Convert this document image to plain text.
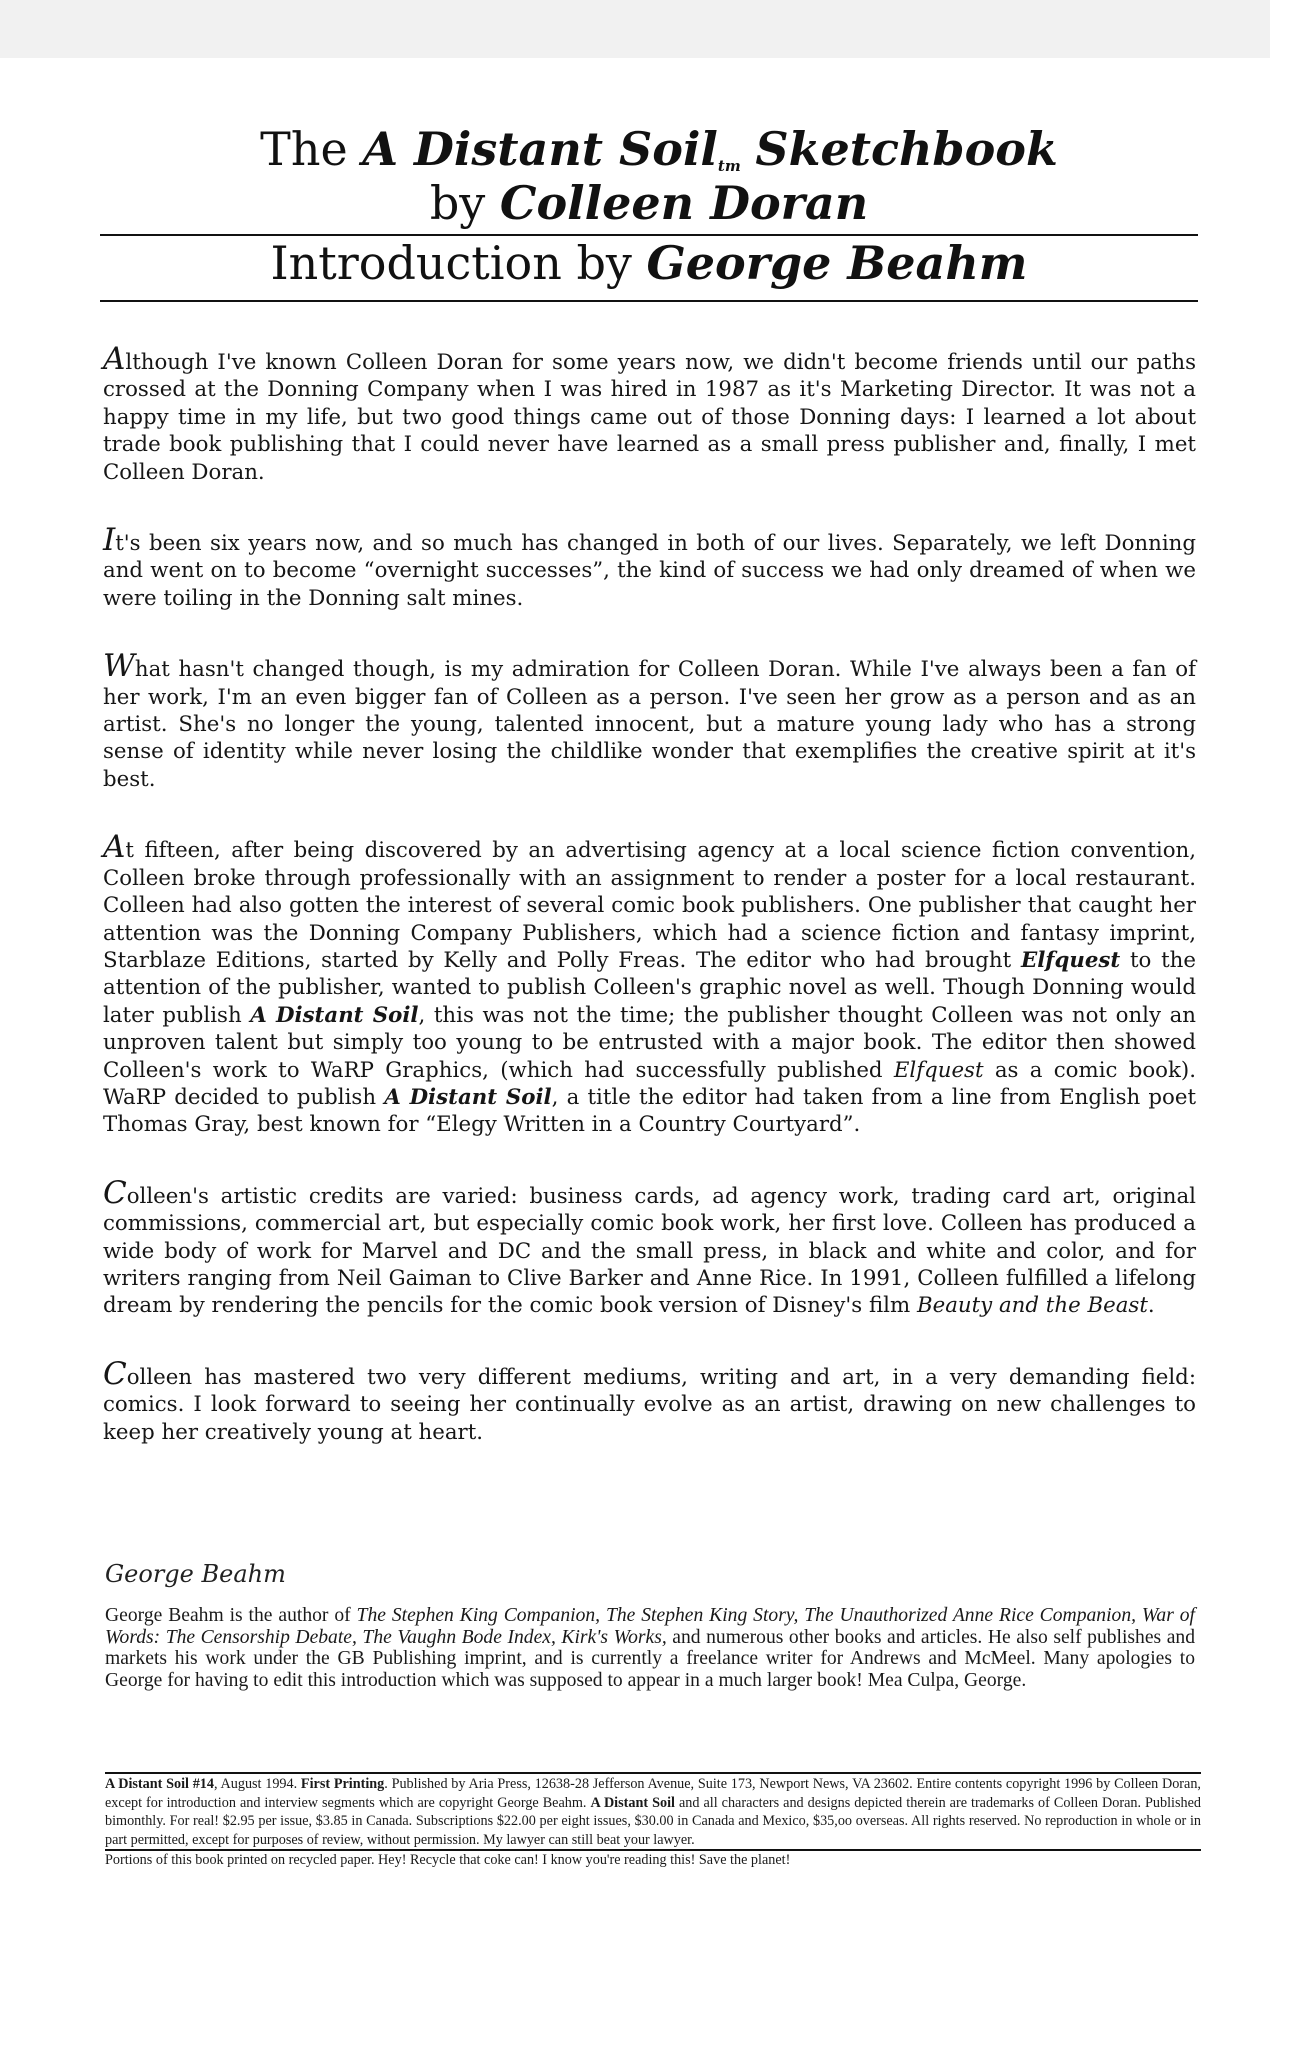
The A Distant Soiltm Sketchbook
by Colleen Doran
Introduction by George Beahm

Although I've known Colleen Doran for some years now, we didn't become friends until our paths crossed at the Donning Company when I was hired in 1987 as it's Marketing Director. It was not a happy time in my life, but two good things came out of those Donning days: I learned a lot about trade book publishing that I could never have learned as a small press publisher and, finally, I met Colleen Doran.

It's been six years now, and so much has changed in both of our lives. Separately, we left Donning and went on to become “overnight successes”, the kind of success we had only dreamed of when we were toiling in the Donning salt mines.

What hasn't changed though, is my admiration for Colleen Doran. While I've always been a fan of her work, I'm an even bigger fan of Colleen as a person. I've seen her grow as a person and as an artist. She's no longer the young, talented innocent, but a mature young lady who has a strong sense of identity while never losing the childlike wonder that exemplifies the creative spirit at it's best.

At fifteen, after being discovered by an advertising agency at a local science fiction convention, Colleen broke through professionally with an assignment to render a poster for a local restaurant. Colleen had also gotten the interest of several comic book publishers. One publisher that caught her attention was the Donning Company Publishers, which had a science fiction and fantasy imprint, Starblaze Editions, started by Kelly and Polly Freas. The editor who had brought Elfquest to the attention of the publisher, wanted to publish Colleen's graphic novel as well. Though Donning would later publish A Distant Soil, this was not the time; the publisher thought Colleen was not only an unproven talent but simply too young to be entrusted with a major book. The editor then showed Colleen's work to WaRP Graphics, (which had successfully published Elfquest as a comic book). WaRP decided to publish A Distant Soil, a title the editor had taken from a line from English poet Thomas Gray, best known for “Elegy Written in a Country Courtyard”.

Colleen's artistic credits are varied: business cards, ad agency work, trading card art, original commissions, commercial art, but especially comic book work, her first love. Colleen has produced a wide body of work for Marvel and DC and the small press, in black and white and color, and for writers ranging from Neil Gaiman to Clive Barker and Anne Rice. In 1991, Colleen fulfilled a lifelong dream by rendering the pencils for the comic book version of Disney's film Beauty and the Beast.

Colleen has mastered two very different mediums, writing and art, in a very demanding field: comics. I look forward to seeing her continually evolve as an artist, drawing on new challenges to keep her creatively young at heart.

George Beahm
George Beahm is the author of The Stephen King Companion, The Stephen King Story, The Unauthorized Anne Rice Companion, War of Words: The Censorship Debate, The Vaughn Bode Index, Kirk's Works, and numerous other books and articles. He also self publishes and markets his work under the GB Publishing imprint, and is currently a freelance writer for Andrews and McMeel. Many apologies to George for having to edit this introduction which was supposed to appear in a much larger book! Mea Culpa, George.
A Distant Soil #14, August 1994. First Printing. Published by Aria Press, 12638-28 Jefferson Avenue, Suite 173, Newport News, VA 23602. Entire contents copyright 1996 by Colleen Doran, except for introduction and interview segments which are copyright George Beahm. A Distant Soil and all characters and designs depicted therein are trademarks of Colleen Doran. Published bimonthly. For real! $2.95 per issue, $3.85 in Canada. Subscriptions $22.00 per eight issues, $30.00 in Canada and Mexico, $35,oo overseas. All rights reserved. No reproduction in whole or in part permitted, except for purposes of review, without permission. My lawyer can still beat your lawyer.
Portions of this book printed on recycled paper. Hey! Recycle that coke can! I know you're reading this! Save the planet!
